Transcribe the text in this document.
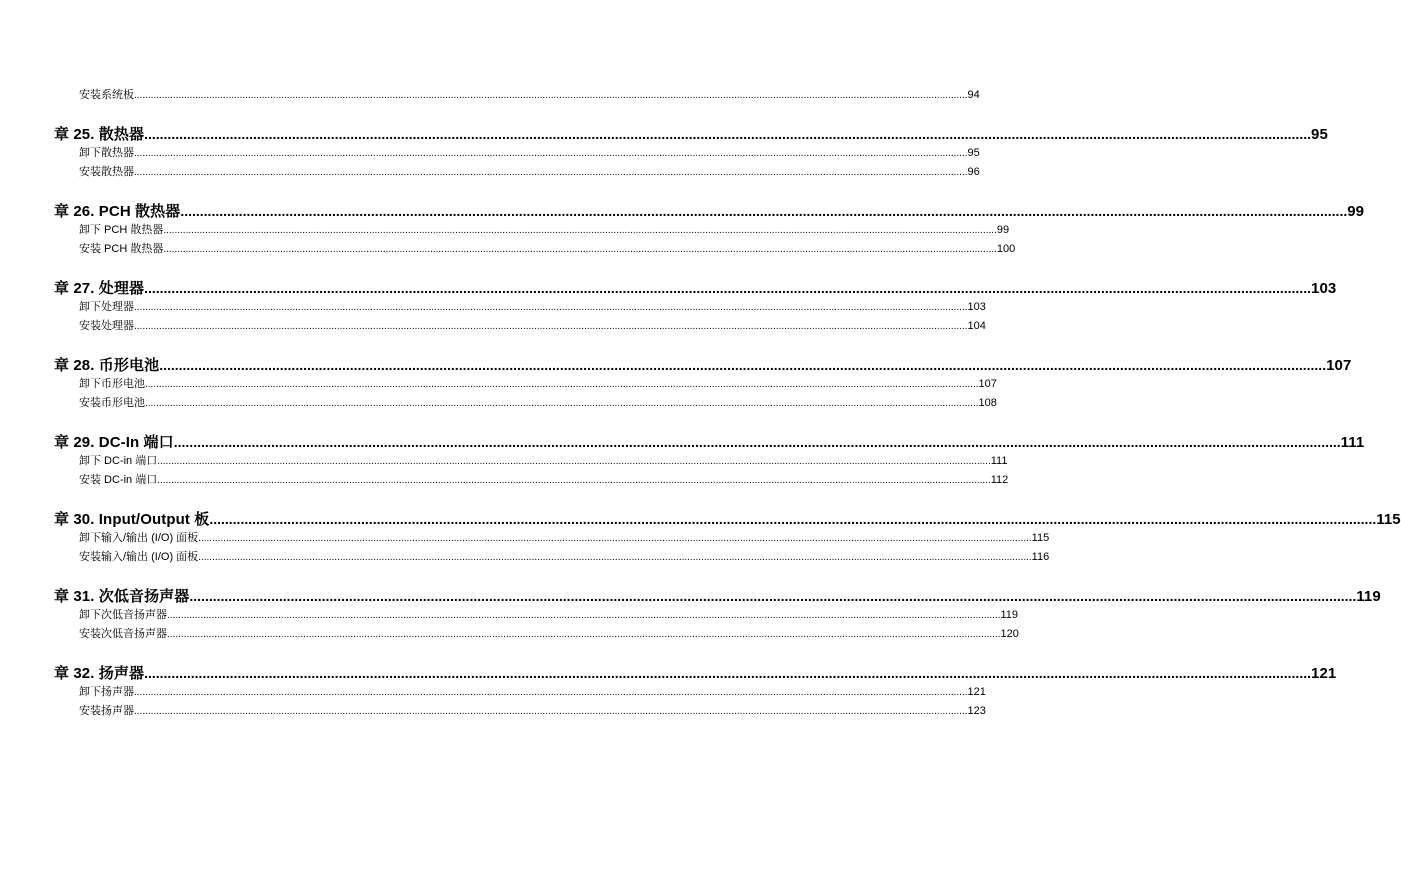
安装系统板 ............................................................................................................................................................................................................................................................................................................ 94
章 25. 散热器 ............................................................................................................................................................................................................................................................................................................ 95
卸下散热器 ............................................................................................................................................................................................................................................................................................................ 95
安装散热器 ............................................................................................................................................................................................................................................................................................................ 96
章 26. PCH 散热器 ............................................................................................................................................................................................................................................................................................................ 99
卸下 PCH 散热器 ............................................................................................................................................................................................................................................................................................................ 99
安装 PCH 散热器 ............................................................................................................................................................................................................................................................................................................ 100
章 27. 处理器 ............................................................................................................................................................................................................................................................................................................ 103
卸下处理器 ............................................................................................................................................................................................................................................................................................................ 103
安装处理器 ............................................................................................................................................................................................................................................................................................................ 104
章 28. 币形电池 ............................................................................................................................................................................................................................................................................................................ 107
卸下币形电池 ............................................................................................................................................................................................................................................................................................................ 107
安装币形电池 ............................................................................................................................................................................................................................................................................................................ 108
章 29. DC-In 端口 ............................................................................................................................................................................................................................................................................................................ 111
卸下 DC-in 端口 ............................................................................................................................................................................................................................................................................................................ 111
安装 DC-in 端口 ............................................................................................................................................................................................................................................................................................................ 112
章 30. Input/Output 板 ............................................................................................................................................................................................................................................................................................................ 115
卸下输入/输出 (I/O) 面板 ............................................................................................................................................................................................................................................................................................................ 115
安装输入/输出 (I/O) 面板 ............................................................................................................................................................................................................................................................................................................ 116
章 31. 次低音扬声器 ............................................................................................................................................................................................................................................................................................................ 119
卸下次低音扬声器 ............................................................................................................................................................................................................................................................................................................ 119
安装次低音扬声器 ............................................................................................................................................................................................................................................................................................................ 120
章 32. 扬声器 ............................................................................................................................................................................................................................................................................................................ 121
卸下扬声器 ............................................................................................................................................................................................................................................................................................................ 121
安装扬声器 ............................................................................................................................................................................................................................................................................................................ 123
